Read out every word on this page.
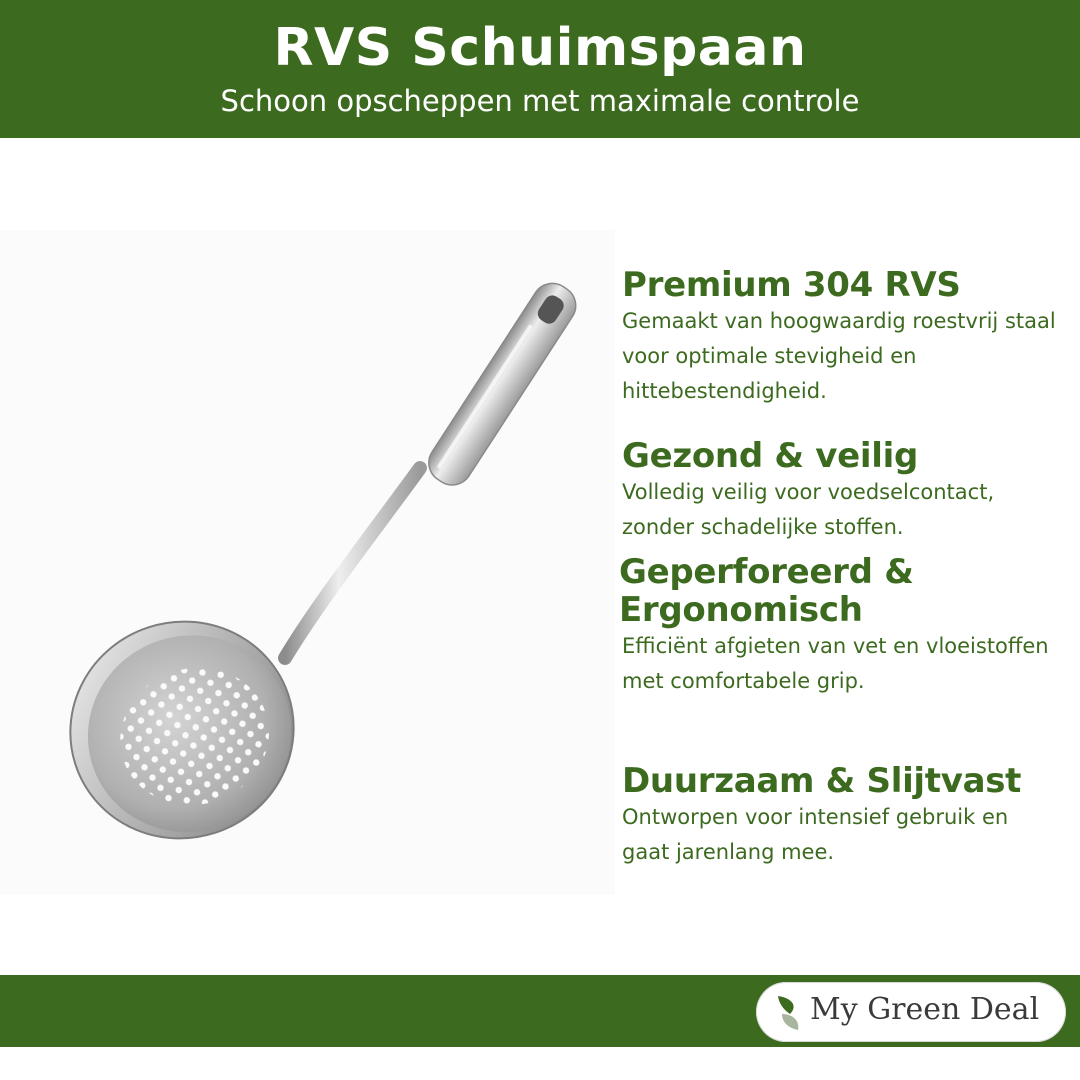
RVS Schuimspaan
Schoon opscheppen met maximale controle
Premium 304 RVS

Gemaakt van hoogwaardig roestvrij staal
voor optimale stevigheid en
hittebestendigheid.

Gezond & veilig

Volledig veilig voor voedselcontact,
zonder schadelijke stoffen.

Geperforeerd &
Ergonomisch

Efficiënt afgieten van vet en vloeistoffen
met comfortabele grip.

Duurzaam & Slijtvast

Ontworpen voor intensief gebruik en
gaat jarenlang mee.

My Green Deal
